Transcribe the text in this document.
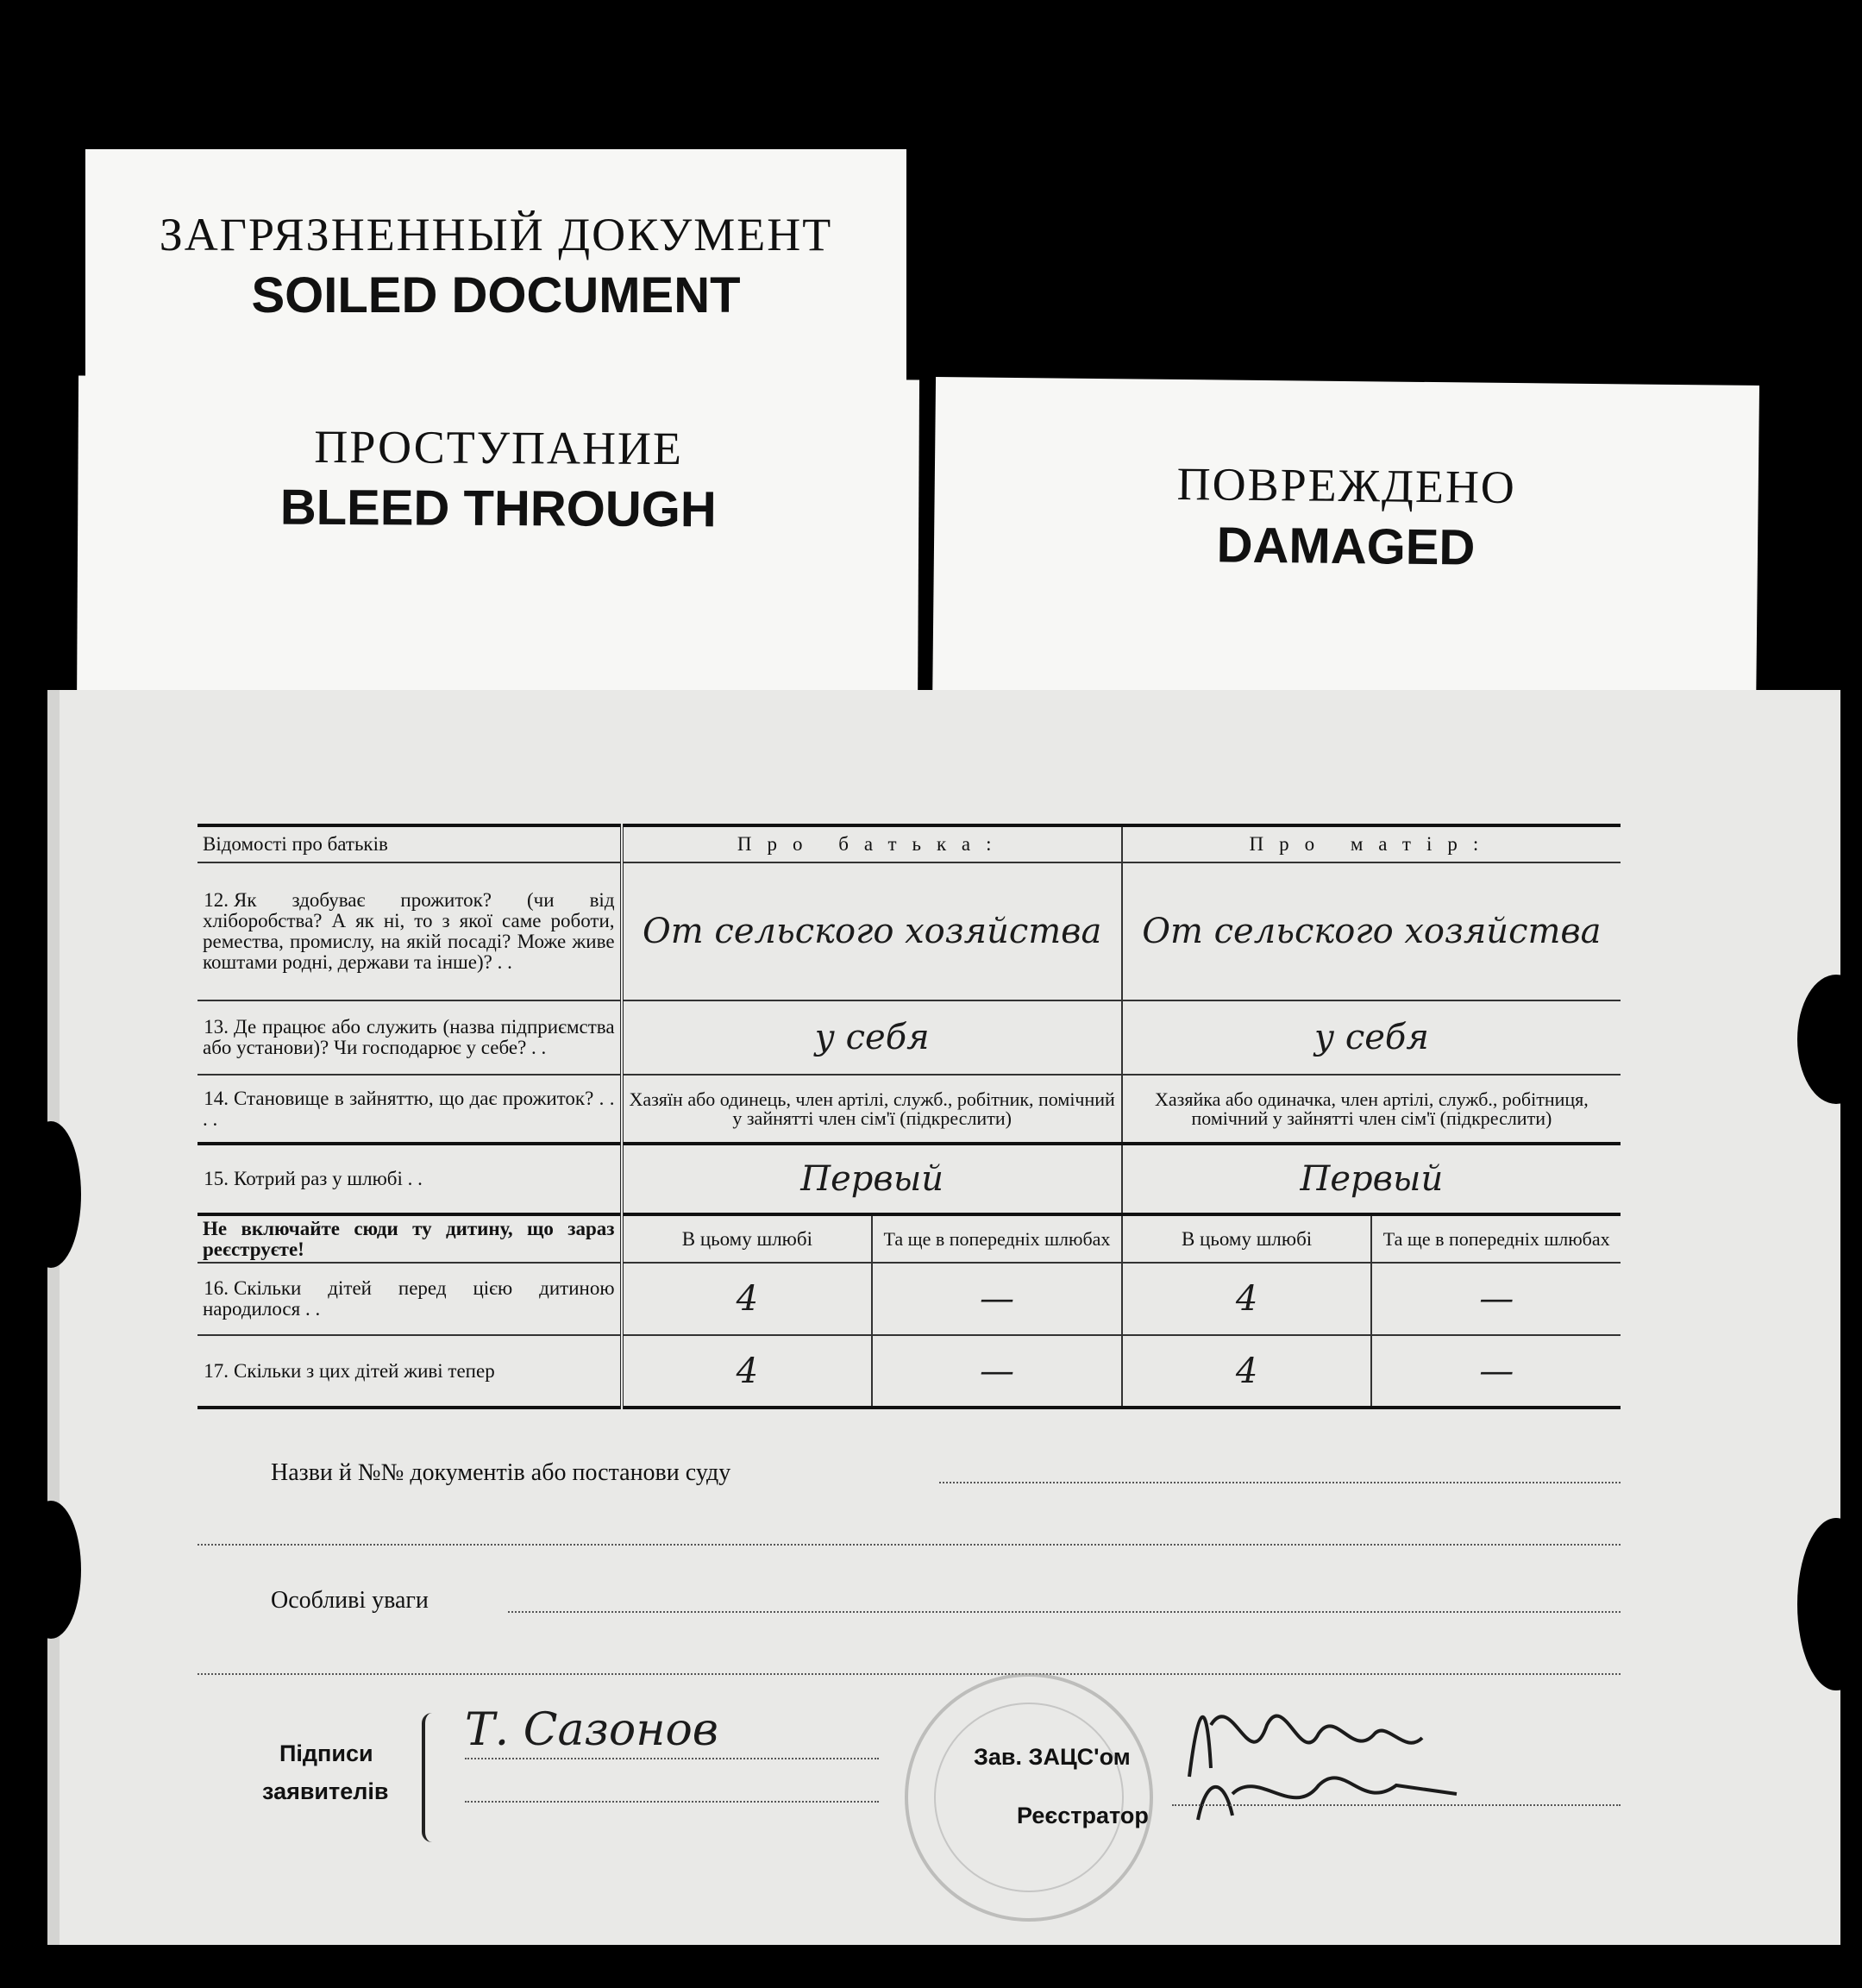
ЗАГРЯЗНЕННЫЙ ДОКУМЕНТ
SOILED DOCUMENT
ПРОСТУПАНИЕ
BLEED THROUGH	ПОВРЕЖДЕНО
DAMAGED
Відомості про батьків	Про батька:		Про матір:	
12. Як здобуває прожиток? (чи від хліборобства? А як ні, то з якої саме роботи, ремества, промислу, на якій посаді? Може живе коштами родні, держави та інше)? . .	От сельского хозяйства		От сельского хозяйства	
13. Де працює або служить (назва підприємства або установи)? Чи господарює у себе? . .	у себя		у себя	
14. Становище в зайняттю, що дає прожиток? . . . .	Хазяїн або одинець, член артілі, служб., робітник, помічний у зайнятті член сім'ї (підкреслити)		Хазяйка або одиначка, член артілі, служб., робітниця, помічний у зайнятті член сім'ї (підкреслити)	
15. Котрий раз у шлюбі . .	Первый		Первый	
Не включайте сюди ту дитину, що зараз реєструєте!	В цьому шлюбі	Та ще в попередніх шлюбах	В цьому шлюбі	Та ще в попередніх шлюбах
16. Скільки дітей перед цією дитиною народилося . .	4	—	4	—
17. Скільки з цих дітей живі тепер	4	—	4	—
Назви й №№ документів або постанови суду
Особливі уваги
Підписи
заявителів
Т. Сазонов
Зав. ЗАЦС'ом
Реєстратор
